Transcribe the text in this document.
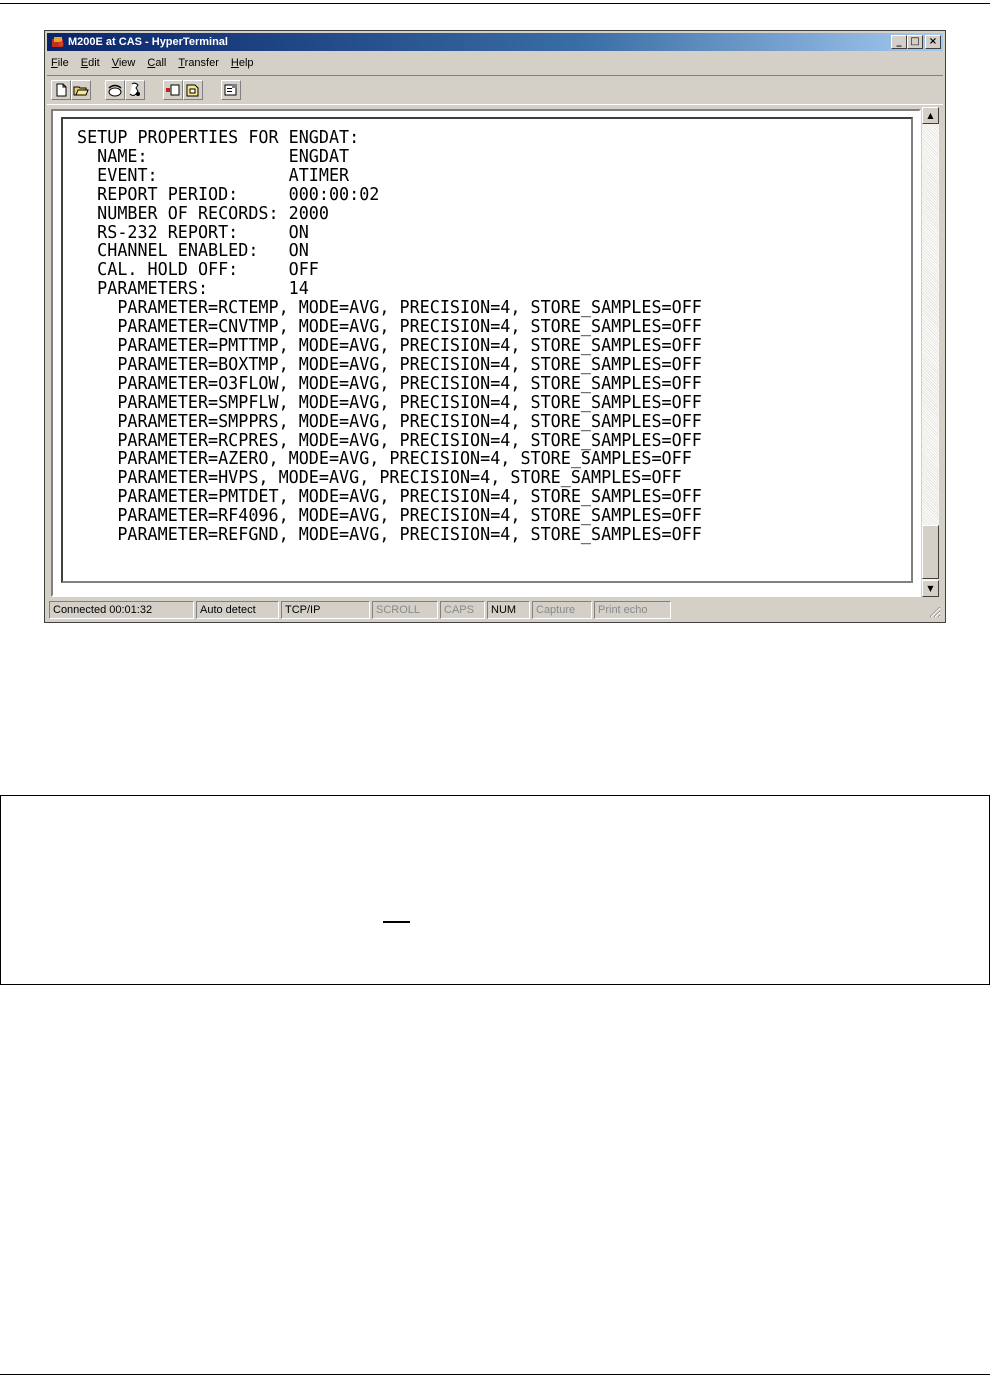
M200E at CAS - HyperTerminal	_ □ ×
File Edit View Call Transfer Help
SETUP PROPERTIES FOR ENGDAT:
NAME:              ENGDAT
EVENT:             ATIMER
REPORT PERIOD:     000:00:02
NUMBER OF RECORDS: 2000
RS-232 REPORT:     ON
CHANNEL ENABLED:   ON
CAL. HOLD OFF:     OFF
PARAMETERS:        14
PARAMETER=RCTEMP, MODE=AVG, PRECISION=4, STORE_SAMPLES=OFF
PARAMETER=CNVTMP, MODE=AVG, PRECISION=4, STORE_SAMPLES=OFF
PARAMETER=PMTTMP, MODE=AVG, PRECISION=4, STORE_SAMPLES=OFF
PARAMETER=BOXTMP, MODE=AVG, PRECISION=4, STORE_SAMPLES=OFF
PARAMETER=O3FLOW, MODE=AVG, PRECISION=4, STORE_SAMPLES=OFF
PARAMETER=SMPFLW, MODE=AVG, PRECISION=4, STORE_SAMPLES=OFF
PARAMETER=SMPPRS, MODE=AVG, PRECISION=4, STORE_SAMPLES=OFF
PARAMETER=RCPRES, MODE=AVG, PRECISION=4, STORE_SAMPLES=OFF
PARAMETER=AZERO, MODE=AVG, PRECISION=4, STORE_SAMPLES=OFF
PARAMETER=HVPS, MODE=AVG, PRECISION=4, STORE_SAMPLES=OFF
PARAMETER=PMTDET, MODE=AVG, PRECISION=4, STORE_SAMPLES=OFF
PARAMETER=RF4096, MODE=AVG, PRECISION=4, STORE_SAMPLES=OFF
PARAMETER=REFGND, MODE=AVG, PRECISION=4, STORE_SAMPLES=OFF
▲
▼
Connected 00:01:32	Auto detect	TCP/IP	SCROLL	CAPS	NUM	Capture	Print echo
